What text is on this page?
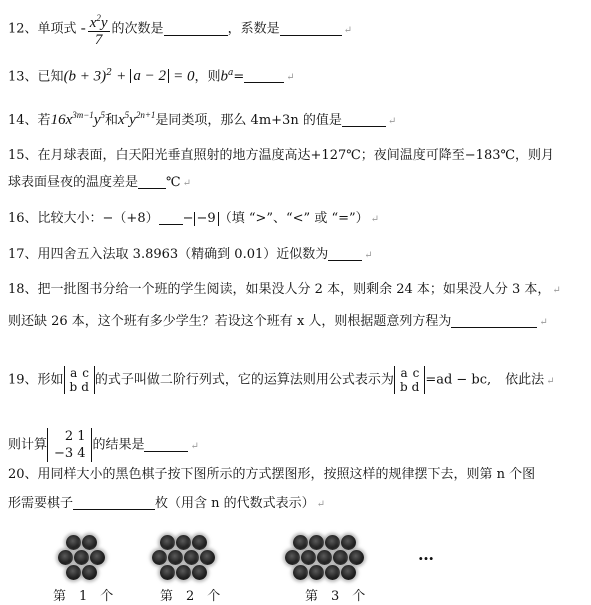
12、单项式 - $\frac{x^2y}{7}$ 的次数是	，系数是	↵
13、已知$(b + 3)^2 + a - 2 = 0$，则$b^a=$	↵
14、若$16x^{3m-1}y^5$和$x^5y^{2n+1}$是同类项，那么 4m+3n 的值是	↵
15、在月球表面，白天阳光垂直照射的地方温度高达+127℃；夜间温度可降至−183℃，则月
球表面昼夜的温度差是 ℃ ↵
16、比较大小：−（+8） − −9 （填 “>”、“<” 或 “=”） ↵
17、用四舍五入法取 3.8963（精确到 0.01）近似数为	↵
18、把一批图书分给一个班的学生阅读，如果没人分 2 本，则剩余 24 本；如果没人分 3 本， ↵
则还缺 26 本，这个班有多少学生？若设这个班有 x 人，则根据题意列方程为	↵
19、形如 a	c
b	d 的式子叫做二阶行列式，它的运算法则用公式表示为 a	c
b	d =ad − bc, 依此法 ↵
则计算
2	1
−3	4
的结果是	↵
20、用同样大小的黑色棋子按下图所示的方式摆图形，按照这样的规律摆下去，则第 n 个图
形需要棋子	枚（用含 n 的代数式表示） ↵
第　1　个	第　2　个	第　3　个
…
